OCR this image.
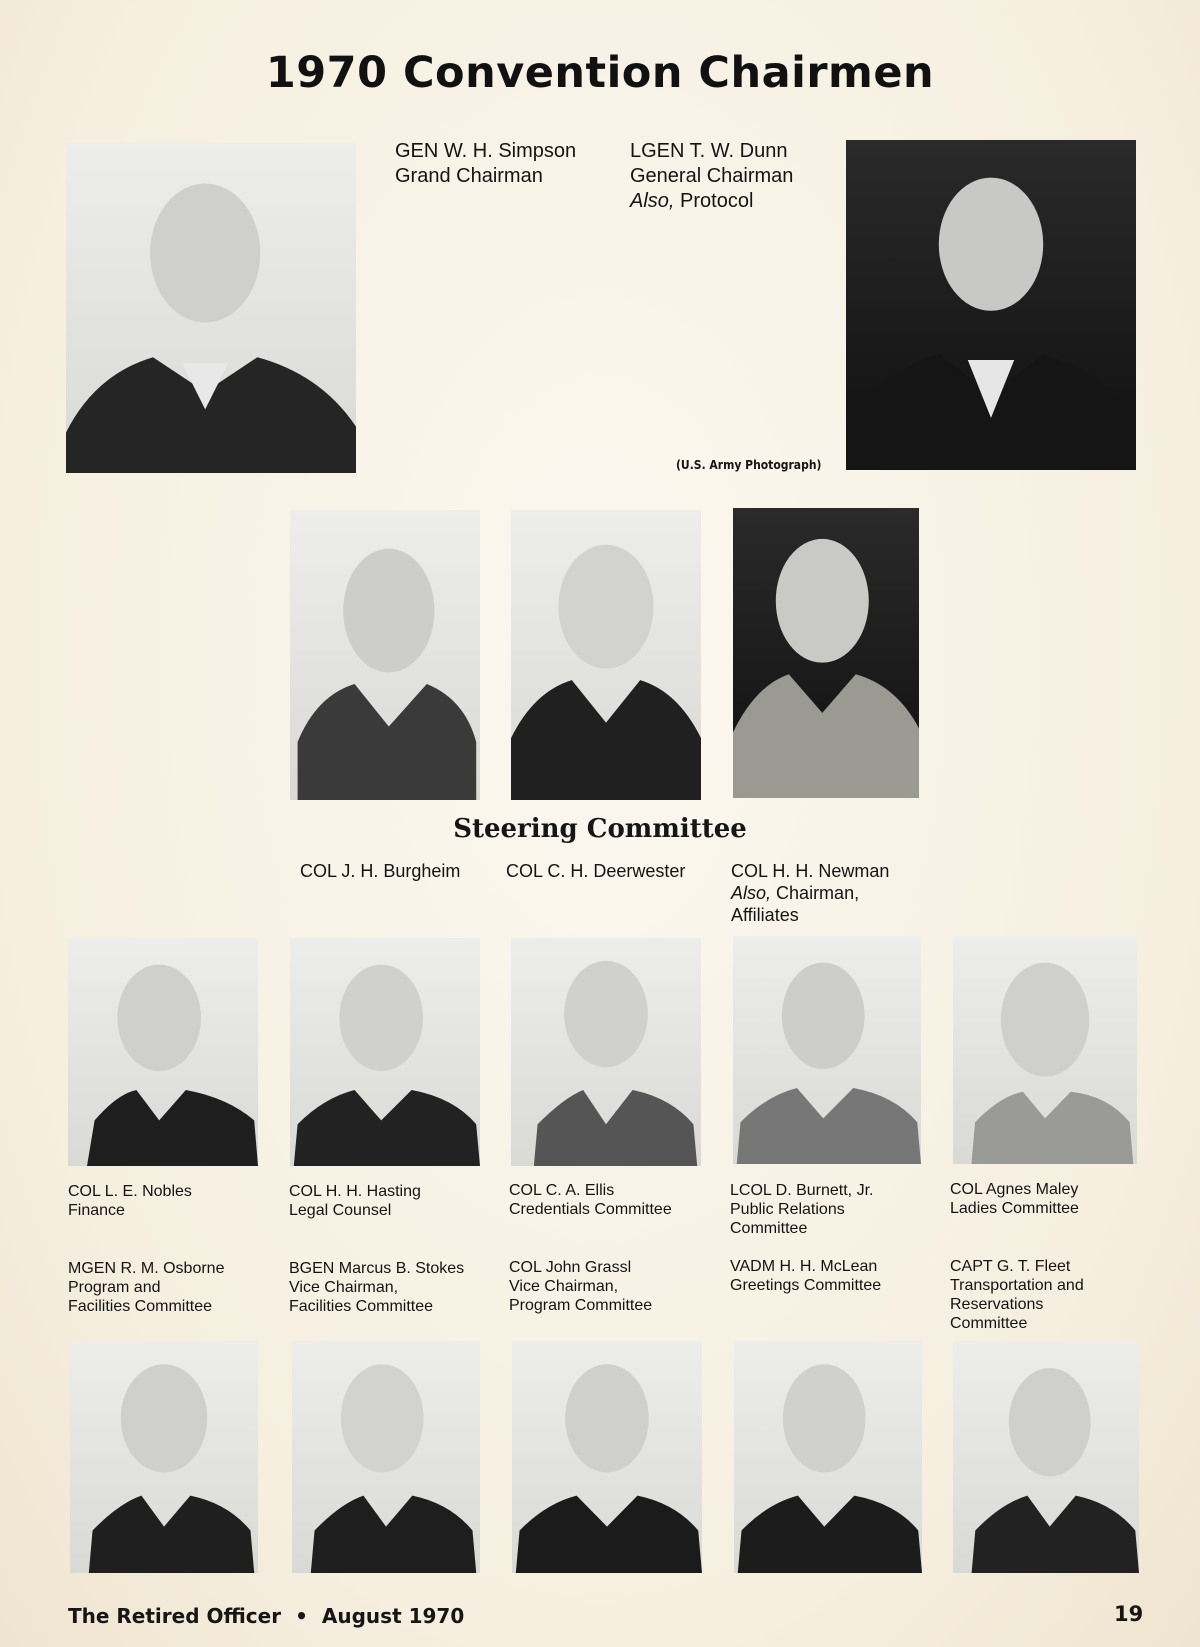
1970 Convention Chairmen
GEN W. H. Simpson
Grand Chairman
LGEN T. W. Dunn
General Chairman
Also, Protocol
(U.S. Army Photograph)
Steering Committee
COL J. H. Burgheim	COL C. H. Deerwester	COL H. H. Newman
Also, Chairman,
Affiliates
COL L. E. Nobles
Finance
COL H. H. Hasting
Legal Counsel
COL C. A. Ellis
Credentials Committee
LCOL D. Burnett, Jr.
Public Relations
Committee
COL Agnes Maley
Ladies Committee
MGEN R. M. Osborne
Program and
Facilities Committee
BGEN Marcus B. Stokes
Vice Chairman,
Facilities Committee
COL John Grassl
Vice Chairman,
Program Committee
VADM H. H. McLean
Greetings Committee
CAPT G. T. Fleet
Transportation and
Reservations
Committee
The Retired Officer • August 1970	19
